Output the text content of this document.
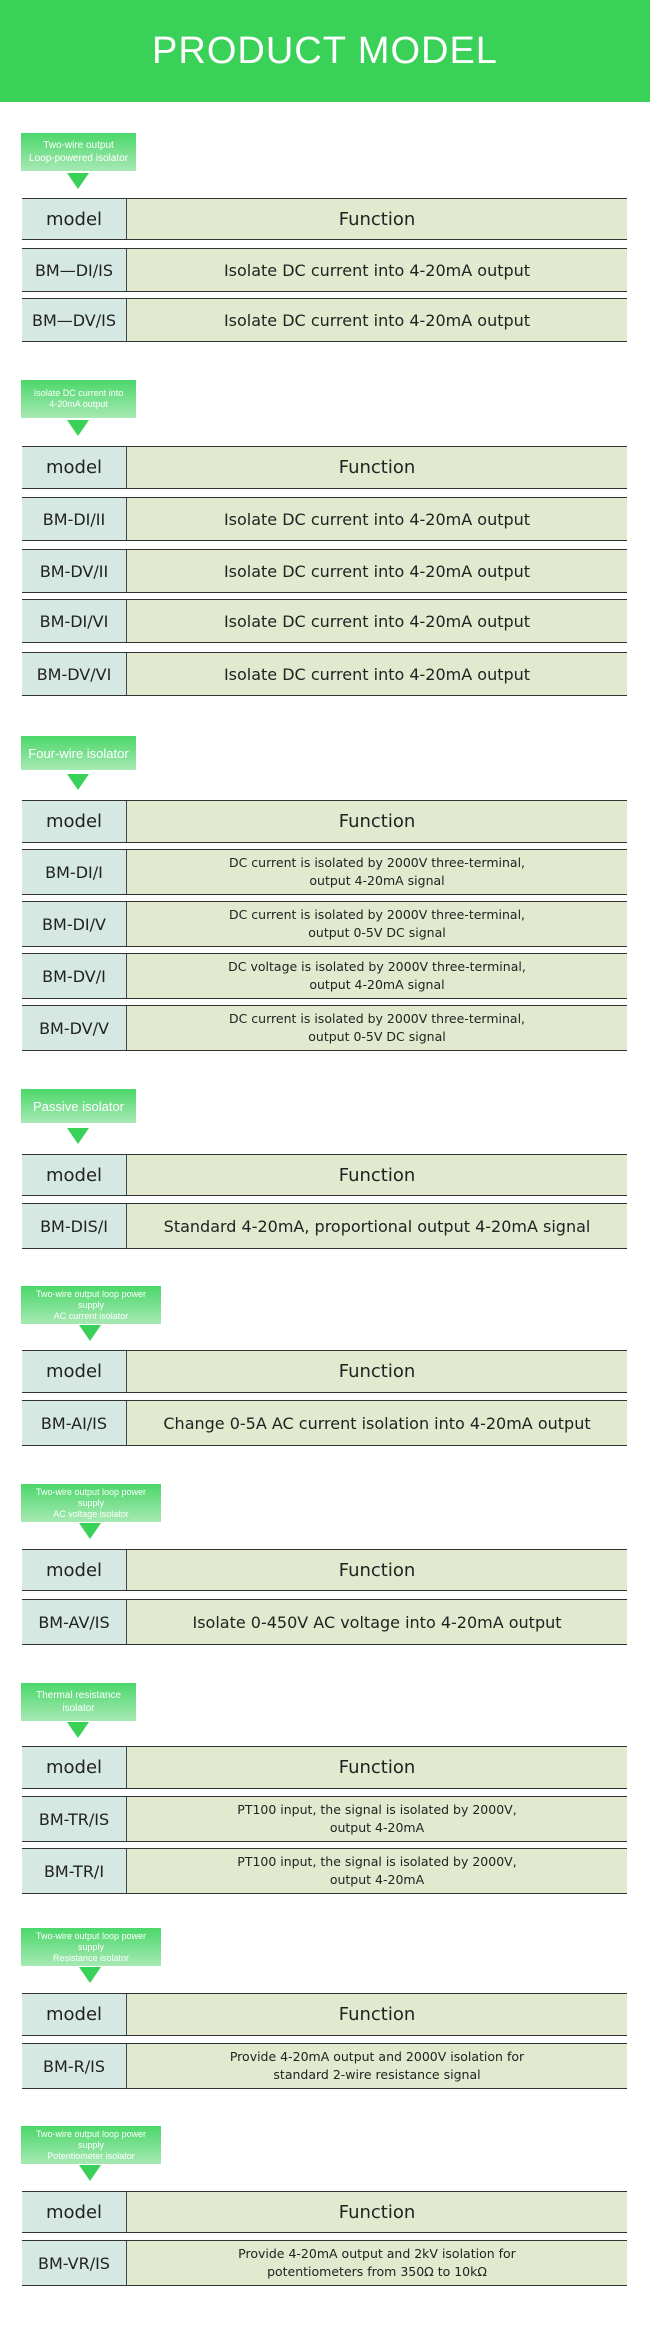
PRODUCT MODEL
Two-wire output
Loop-powered isolator
model	Function
BM—DI/IS	Isolate DC current into 4-20mA output
BM—DV/IS	Isolate DC current into 4-20mA output
Isolate DC current into
4-20mA output
model	Function
BM-DI/II	Isolate DC current into 4-20mA output
BM-DV/II	Isolate DC current into 4-20mA output
BM-DI/VI	Isolate DC current into 4-20mA output
BM-DV/VI	Isolate DC current into 4-20mA output
Four-wire isolator
model	Function
BM-DI/I	DC current is isolated by 2000V three-terminal,
output 4-20mA signal
BM-DI/V	DC current is isolated by 2000V three-terminal,
output 0-5V DC signal
BM-DV/I	DC voltage is isolated by 2000V three-terminal,
output 4-20mA signal
BM-DV/V	DC current is isolated by 2000V three-terminal,
output 0-5V DC signal
Passive isolator
model	Function
BM-DIS/I	Standard 4-20mA, proportional output 4-20mA signal
Two-wire output loop power supply
AC current isolator
model	Function
BM-AI/IS	Change 0-5A AC current isolation into 4-20mA output
Two-wire output loop power supply
AC voltage isolator
model	Function
BM-AV/IS	Isolate 0-450V AC voltage into 4-20mA output
Thermal resistance isolator
model	Function
BM-TR/IS	PT100 input, the signal is isolated by 2000V,
output 4-20mA
BM-TR/I	PT100 input, the signal is isolated by 2000V,
output 4-20mA
Two-wire output loop power supply
Resistance isolator
model	Function
BM-R/IS	Provide 4-20mA output and 2000V isolation for
standard 2-wire resistance signal
Two-wire output loop power supply
Potentiometer isolator
model	Function
BM-VR/IS	Provide 4-20mA output and 2kV isolation for
potentiometers from 350Ω to 10kΩ
